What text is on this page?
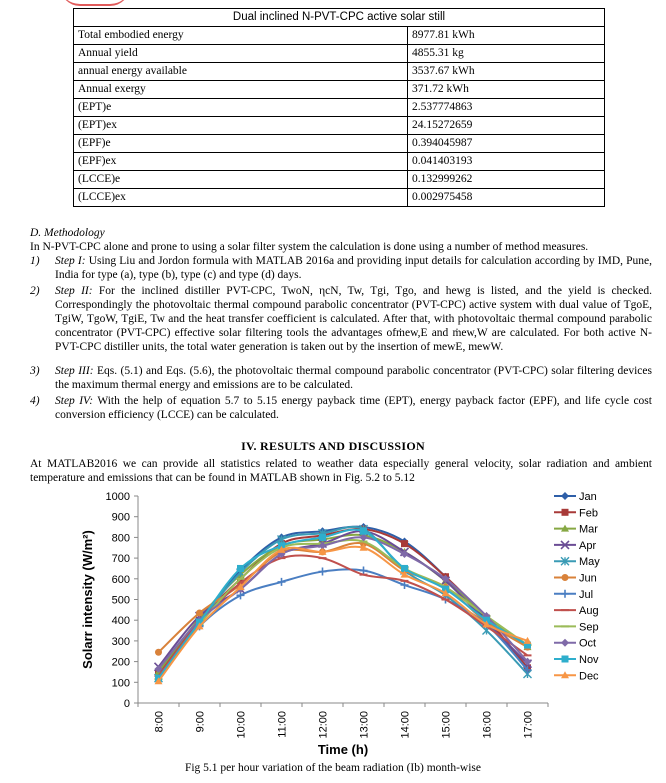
Dual inclined N-PVT-CPC active solar still	
Total embodied energy	8977.81 kWh
Annual yield	4855.31 kg
annual energy available	3537.67 kWh
Annual exergy	371.72 kWh
(EPT)e	2.537774863
(EPT)ex	24.15272659
(EPF)e	0.394045987
(EPF)ex	0.041403193
(LCCE)e	0.132999262
(LCCE)ex	0.002975458
D. Methodology
In N-PVT-CPC alone and prone to using a solar filter system the calculation is done using a number of method measures.
1) Step I: Using Liu and Jordon formula with MATLAB 2016a and providing input details for calculation according by IMD, Pune, India for type (a), type (b), type (c) and type (d) days.
2) Step II: For the inclined distiller PVT-CPC, TwoN, ηcN, Tw, Tgi, Tgo, and hewg is listed, and the yield is checked. Correspondingly the photovoltaic thermal compound parabolic concentrator (PVT-CPC) active system with dual value of TgoE, TgiW, TgoW, TgiE, Tw and the heat transfer coefficient is calculated. After that, with photovoltaic thermal compound parabolic concentrator (PVT-CPC) effective solar filtering tools the advantages ofṁew,E and ṁew,W are calculated. For both active N-PVT-CPC distiller units, the total water generation is taken out by the insertion of mewE, mewW.
3) Step III: Eqs. (5.1) and Eqs. (5.6), the photovoltaic thermal compound parabolic concentrator (PVT-CPC) solar filtering devices the maximum thermal energy and emissions are to be calculated.
4) Step IV: With the help of equation 5.7 to 5.15 energy payback time (EPT), energy payback factor (EPF), and life cycle cost conversion efficiency (LCCE) can be calculated.
IV. RESULTS AND DISCUSSION
At MATLAB2016 we can provide all statistics related to weather data especially general velocity, solar radiation and ambient temperature and emissions that can be found in MATLAB shown in Fig. 5.2 to 5.12
0
100
200
300
400
500
600
700
800
900
1000
8:00	9:00	10:00	11:00	12:00	13:00	14:00	15:00	16:00	17:00
Time (h)
Solarr intensity (W/m²)
Jan
Feb
Mar
Apr
May
Jun
Jul
Aug
Sep
Oct
Nov
Dec
Fig 5.1 per hour variation of the beam radiation (Ib) month-wise
